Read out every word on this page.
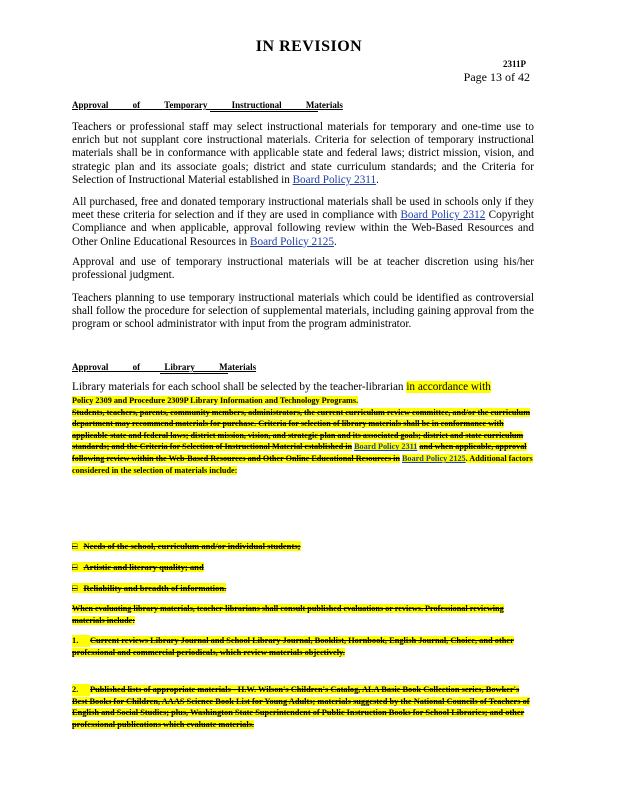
IN REVISION
2311P
Page 13 of 42
Approval of Temporary Instructional Materials
Teachers or professional staff may select instructional materials for temporary and one-time use to enrich but not supplant core instructional materials. Criteria for selection of temporary instructional materials shall be in conformance with applicable state and federal laws; district mission, vision, and strategic plan and its associate goals; district and state curriculum standards; and the Criteria for Selection of Instructional Material established in Board Policy 2311.
All purchased, free and donated temporary instructional materials shall be used in schools only if they meet these criteria for selection and if they are used in compliance with Board Policy 2312 Copyright Compliance and when applicable, approval following review within the Web-Based Resources and Other Online Educational Resources in Board Policy 2125.
Approval and use of temporary instructional materials will be at teacher discretion using his/her professional judgment.
Teachers planning to use temporary instructional materials which could be identified as controversial shall follow the procedure for selection of supplemental materials, including gaining approval from the program or school administrator with input from the program administrator.
Approval of Library Materials
Library materials for each school shall be selected by the teacher-librarian in accordance with
Policy 2309 and Procedure 2309P Library Information and Technology Programs.
Students, teachers, parents, community members, administrators, the current curriculum review committee, and/or the curriculum department may recommend materials for purchase. Criteria for selection of library materials shall be in conformance with applicable state and federal laws; district mission, vision, and strategic plan and its associated goals; district and state curriculum standards; and the Criteria for Selection of Instructional Material established in Board Policy 2311 and when applicable, approval following review within the Web-Based Resources and Other Online Educational Resources in Board Policy 2125. Additional factors considered in the selection of materials include:
□ Needs of the school, curriculum and/or individual students;
□ Artistic and literary quality; and
□ Reliability and breadth of information.
When evaluating library materials, teacher-librarians shall consult published evaluations or reviews. Professional reviewing materials include:
1. Current reviews Library Journal and School Library Journal, Booklist, Hornbook, English Journal, Choice, and other professional and commercial periodicals, which review materials objectively.
2. Published lists of appropriate materials - H.W. Wilson's Children's Catalog, ALA Basic Book Collection series, Bowker's Best Books for Children, AAAS Science Book List for Young Adults; materials suggested by the National Councils of Teachers of English and Social Studies; plus, Washington State Superintendent of Public Instruction Books for School Libraries; and other professional publications which evaluate materials.
